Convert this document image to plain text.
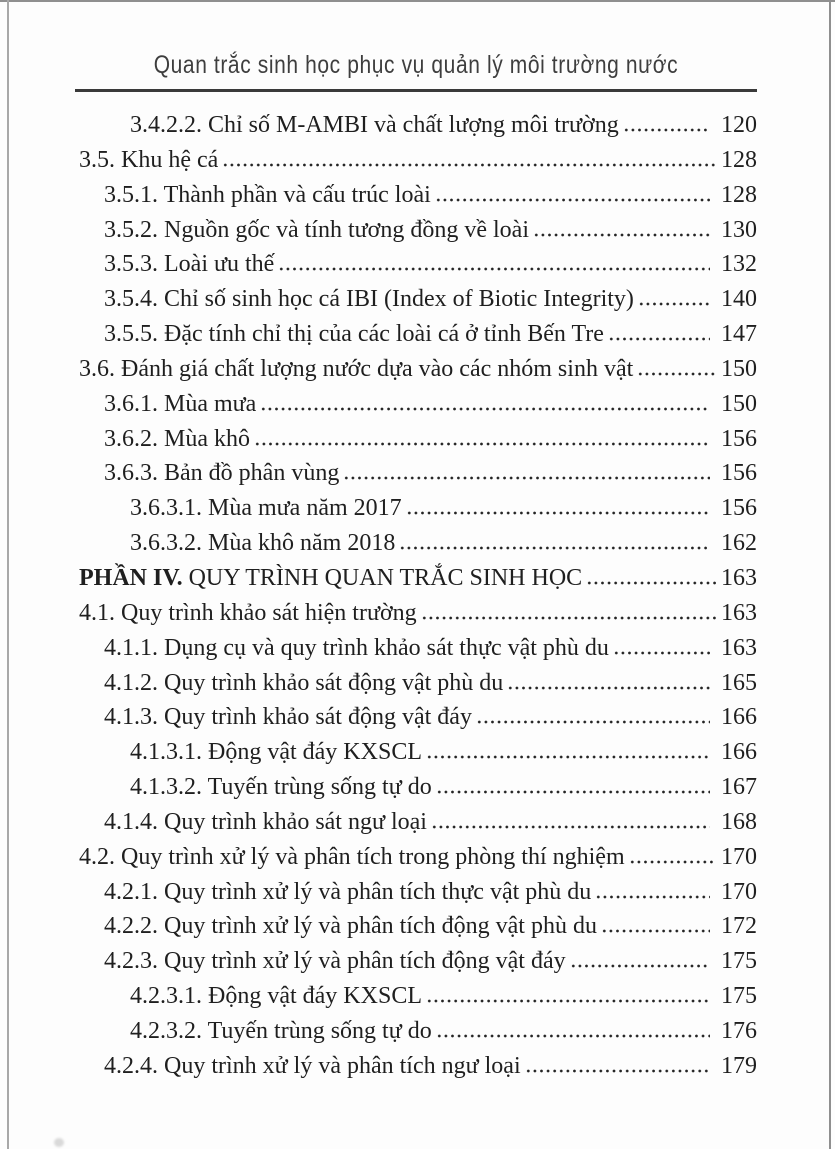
Quan trắc sinh học phục vụ quản lý môi trường nước
3.4.2.2. Chỉ số M-AMBI và chất lượng môi trường	120
3.5. Khu hệ cá	128
3.5.1. Thành phần và cấu trúc loài	128
3.5.2. Nguồn gốc và tính tương đồng về loài	130
3.5.3. Loài ưu thế	132
3.5.4. Chỉ số sinh học cá IBI (Index of Biotic Integrity)	140
3.5.5. Đặc tính chỉ thị của các loài cá ở tỉnh Bến Tre	147
3.6. Đánh giá chất lượng nước dựa vào các nhóm sinh vật	150
3.6.1. Mùa mưa	150
3.6.2. Mùa khô	156
3.6.3. Bản đồ phân vùng	156
3.6.3.1. Mùa mưa năm 2017	156
3.6.3.2. Mùa khô năm 2018	162
PHẦN IV. QUY TRÌNH QUAN TRẮC SINH HỌC	163
4.1. Quy trình khảo sát hiện trường	163
4.1.1. Dụng cụ và quy trình khảo sát thực vật phù du	163
4.1.2. Quy trình khảo sát động vật phù du	165
4.1.3. Quy trình khảo sát động vật đáy	166
4.1.3.1. Động vật đáy KXSCL	166
4.1.3.2. Tuyến trùng sống tự do	167
4.1.4. Quy trình khảo sát ngư loại	168
4.2. Quy trình xử lý và phân tích trong phòng thí nghiệm	170
4.2.1. Quy trình xử lý và phân tích thực vật phù du	170
4.2.2. Quy trình xử lý và phân tích động vật phù du	172
4.2.3. Quy trình xử lý và phân tích động vật đáy	175
4.2.3.1. Động vật đáy KXSCL	175
4.2.3.2. Tuyến trùng sống tự do	176
4.2.4. Quy trình xử lý và phân tích ngư loại	179
